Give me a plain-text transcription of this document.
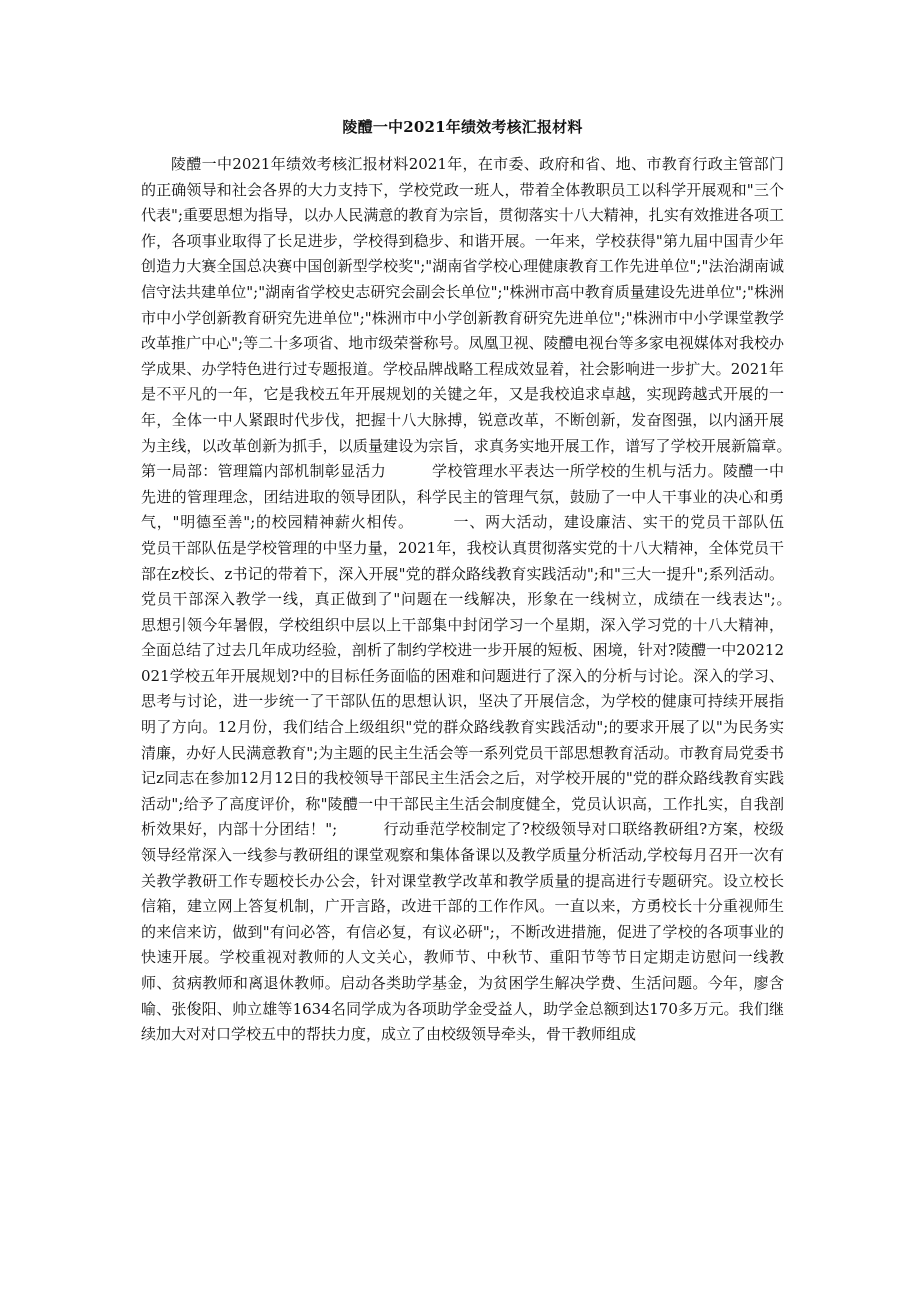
陵醴一中2021年绩效考核汇报材料

陵醴一中2021年绩效考核汇报材料2021年，在市委、政府和省、地、市教育行政主管部门的正确领导和社会各界的大力支持下，学校党政一班人，带着全体教职员工以科学开展观和"三个代表";重要思想为指导，以办人民满意的教育为宗旨，贯彻落实十八大精神，扎实有效推进各项工作，各项事业取得了长足进步，学校得到稳步、和谐开展。一年来，学校获得"第九届中国青少年创造力大赛全国总决赛中国创新型学校奖";"湖南省学校心理健康教育工作先进单位";"法治湖南诚信守法共建单位";"湖南省学校史志研究会副会长单位";"株洲市高中教育质量建设先进单位";"株洲市中小学创新教育研究先进单位";"株洲市中小学创新教育研究先进单位";"株洲市中小学课堂教学改革推广中心";等二十多项省、地市级荣誉称号。凤凰卫视、陵醴电视台等多家电视媒体对我校办学成果、办学特色进行过专题报道。学校品牌战略工程成效显着，社会影响进一步扩大。2021年是不平凡的一年，它是我校五年开展规划的关键之年，又是我校追求卓越，实现跨越式开展的一年，全体一中人紧跟时代步伐，把握十八大脉搏，锐意改革，不断创新，发奋图强，以内涵开展为主线，以改革创新为抓手，以质量建设为宗旨，求真务实地开展工作，谱写了学校开展新篇章。　　　第一局部：管理篇内部机制彰显活力　　　学校管理水平表达一所学校的生机与活力。陵醴一中先进的管理理念，团结进取的领导团队，科学民主的管理气氛，鼓励了一中人干事业的决心和勇气，"明德至善";的校园精神薪火相传。　　　一、两大活动，建设廉洁、实干的党员干部队伍　　党员干部队伍是学校管理的中坚力量，2021年，我校认真贯彻落实党的十八大精神，全体党员干部在z校长、z书记的带着下，深入开展"党的群众路线教育实践活动";和"三大一提升";系列活动。党员干部深入教学一线，真正做到了"问题在一线解决，形象在一线树立，成绩在一线表达";。　　　思想引领今年暑假，学校组织中层以上干部集中封闭学习一个星期，深入学习党的十八大精神，全面总结了过去几年成功经验，剖析了制约学校进一步开展的短板、困境，针对?陵醴一中20212021学校五年开展规划?中的目标任务面临的困难和问题进行了深入的分析与讨论。深入的学习、思考与讨论，进一步统一了干部队伍的思想认识，坚决了开展信念，为学校的健康可持续开展指明了方向。12月份，我们结合上级组织"党的群众路线教育实践活动";的要求开展了以"为民务实清廉，办好人民满意教育";为主题的民主生活会等一系列党员干部思想教育活动。市教育局党委书记z同志在参加12月12日的我校领导干部民主生活会之后，对学校开展的"党的群众路线教育实践活动";给予了高度评价，称"陵醴一中干部民主生活会制度健全，党员认识高，工作扎实，自我剖析效果好，内部十分团结！";　　　行动垂范学校制定了?校级领导对口联络教研组?方案，校级领导经常深入一线参与教研组的课堂观察和集体备课以及教学质量分析活动,学校每月召开一次有关教学教研工作专题校长办公会，针对课堂教学改革和教学质量的提高进行专题研究。设立校长信箱，建立网上答复机制，广开言路，改进干部的工作作风。一直以来，方勇校长十分重视师生的来信来访，做到"有问必答，有信必复，有议必研";，不断改进措施，促进了学校的各项事业的快速开展。学校重视对教师的人文关心，教师节、中秋节、重阳节等节日定期走访慰问一线教师、贫病教师和离退休教师。启动各类助学基金，为贫困学生解决学费、生活问题。今年，廖含喻、张俊阳、帅立雄等1634名同学成为各项助学金受益人，助学金总额到达170多万元。我们继续加大对对口学校五中的帮扶力度，成立了由校级领导牵头，骨干教师组成
